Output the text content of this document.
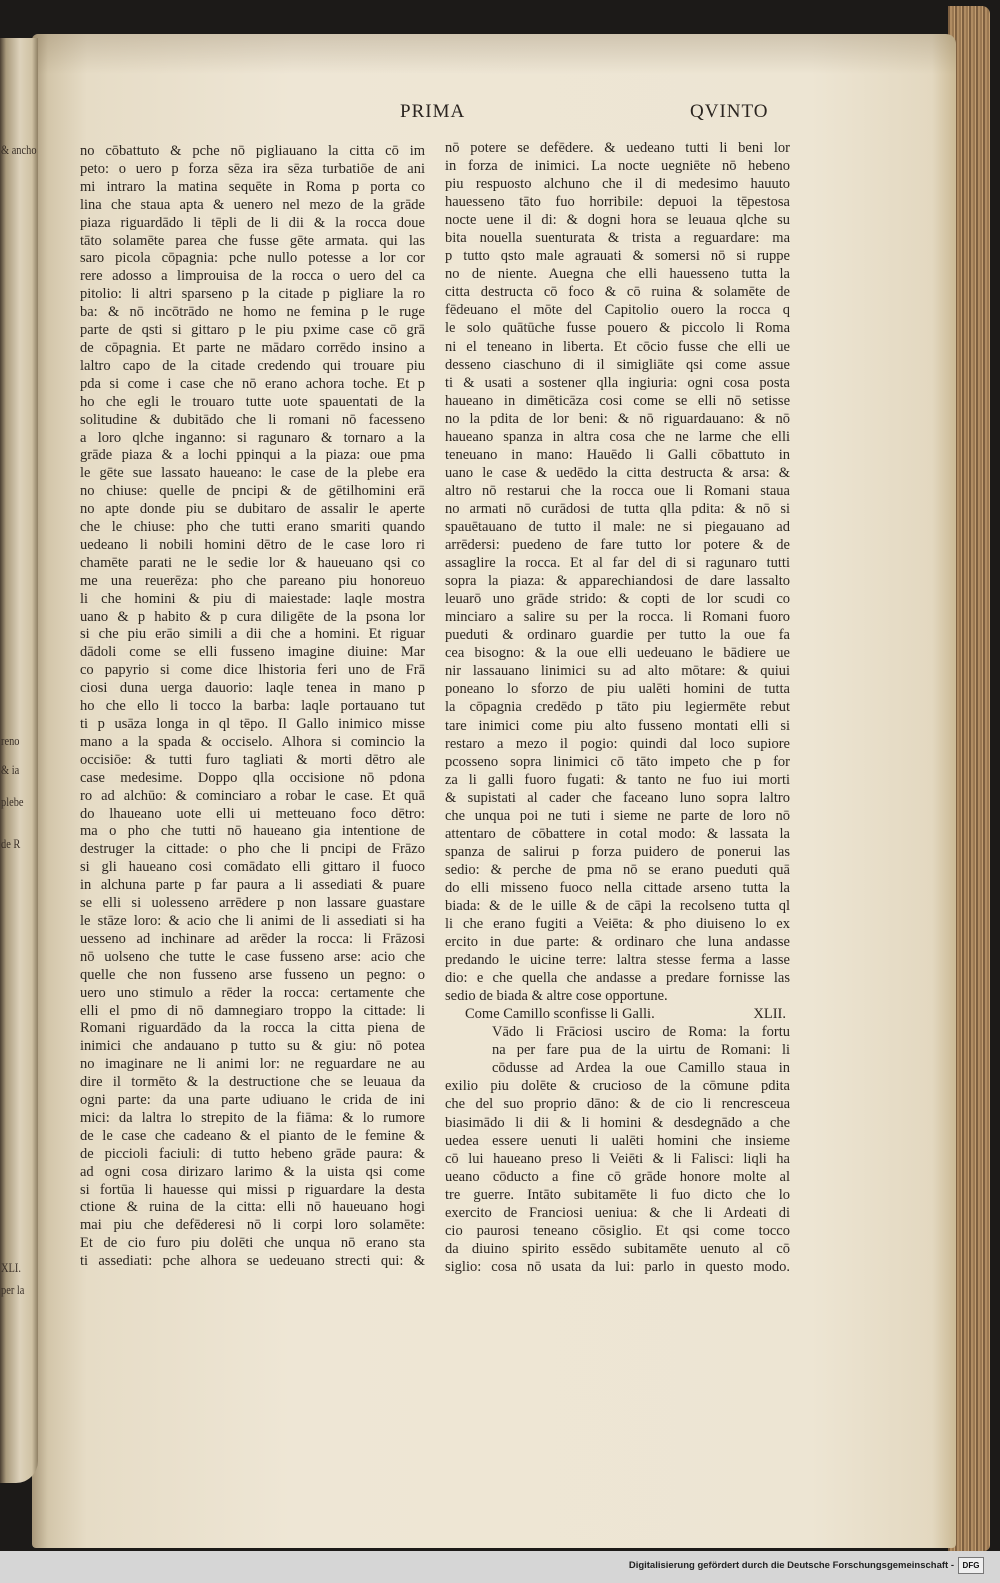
& ancho
reno
& ia
plebe
de R
XLI.
per la
PRIMA	QVINTO
no cōbattuto & pche nō pigliauano la citta cō im
peto: o uero p forza sēza ira sēza turbatiōe de ani
mi intraro la matina sequēte in Roma p porta co
lina che staua apta & uenero nel mezo de la grāde
piaza riguardādo li tēpli de li dii & la rocca doue
tāto solamēte parea che fusse gēte armata. qui las
saro picola cōpagnia: pche nullo potesse a lor cor
rere adosso a limprouisa de la rocca o uero del ca
pitolio: li altri sparseno p la citade p pigliare la ro
ba: & nō incōtrādo ne homo ne femina p le ruge
parte de qsti si gittaro p le piu pxime case cō grā
de cōpagnia. Et parte ne mādaro corrēdo insino a
laltro capo de la citade credendo qui trouare piu
pda si come i case che nō erano achora toche. Et p
ho che egli le trouaro tutte uote spauentati de la
solitudine & dubitādo che li romani nō facesseno
a loro qlche inganno: si ragunaro & tornaro a la
grāde piaza & a lochi ppinqui a la piaza: oue pma
le gēte sue lassato haueano: le case de la plebe era
no chiuse: quelle de pncipi & de gētilhomini erā
no apte donde piu se dubitaro de assalir le aperte
che le chiuse: pho che tutti erano smariti quando
uedeano li nobili homini dētro de le case loro ri
chamēte parati ne le sedie lor & haueuano qsi co
me una reuerēza: pho che pareano piu honoreuo
li che homini & piu di maiestade: laqle mostra
uano & p habito & p cura diligēte de la psona lor
si che piu erāo simili a dii che a homini. Et riguar
dādoli come se elli fusseno imagine diuine: Mar
co papyrio si come dice lhistoria feri uno de Frā
ciosi duna uerga dauorio: laqle tenea in mano p
ho che ello li tocco la barba: laqle portauano tut
ti p usāza longa in ql tēpo. Il Gallo inimico misse
mano a la spada & occiselo. Alhora si comincio la
occisiōe: & tutti furo tagliati & morti dētro ale
case medesime. Doppo qlla occisione nō pdona
ro ad alchūo: & cominciaro a robar le case. Et quā
do lhaueano uote elli ui metteuano foco dētro:
ma o pho che tutti nō haueano gia intentione de
destruger la cittade: o pho che li pncipi de Frāzo
si gli haueano cosi comādato elli gittaro il fuoco
in alchuna parte p far paura a li assediati & puare
se elli si uolesseno arrēdere p non lassare guastare
le stāze loro: & acio che li animi de li assediati si ha
uesseno ad inchinare ad arēder la rocca: li Frāzosi
nō uolseno che tutte le case fusseno arse: acio che
quelle che non fusseno arse fusseno un pegno: o
uero uno stimulo a rēder la rocca: certamente che
elli el pmo di nō damnegiaro troppo la cittade: li
Romani riguardādo da la rocca la citta piena de
inimici che andauano p tutto su & giu: nō potea
no imaginare ne li animi lor: ne reguardare ne au
dire il tormēto & la destructione che se leuaua da
ogni parte: da una parte udiuano le crida de ini
mici: da laltra lo strepito de la fiāma: & lo rumore
de le case che cadeano & el pianto de le femine &
de piccioli faciuli: di tutto hebeno grāde paura: &
ad ogni cosa dirizaro larimo & la uista qsi come
si fortūa li hauesse qui missi p riguardare la desta
ctione & ruina de la citta: elli nō haueuano hogi
mai piu che defēderesi nō li corpi loro solamēte:
Et de cio furo piu dolēti che unqua nō erano sta
ti assediati: pche alhora se uedeuano strecti qui: &
nō potere se defēdere. & uedeano tutti li beni lor
in forza de inimici. La nocte uegniēte nō hebeno
piu respuosto alchuno che il di medesimo hauuto
hauesseno tāto fuo horribile: depuoi la tēpestosa
nocte uene il di: & dogni hora se leuaua qlche su
bita nouella suenturata & trista a reguardare: ma
p tutto qsto male agrauati & somersi nō si ruppe
no de niente. Auegna che elli hauesseno tutta la
citta destructa cō foco & cō ruina & solamēte de
fēdeuano el mōte del Capitolio ouero la rocca q
le solo quātūche fusse pouero & piccolo li Roma
ni el teneano in liberta. Et cōcio fusse che elli ue
desseno ciaschuno di il simigliāte qsi come assue
ti & usati a sostener qlla ingiuria: ogni cosa posta
haueano in dimēticāza cosi come se elli nō setisse
no la pdita de lor beni: & nō riguardauano: & nō
haueano spanza in altra cosa che ne larme che elli
teneuano in mano: Hauēdo li Galli cōbattuto in
uano le case & uedēdo la citta destructa & arsa: &
altro nō restarui che la rocca oue li Romani staua
no armati nō curādosi de tutta qlla pdita: & nō si
spauētauano de tutto il male: ne si piegauano ad
arrēdersi: puedeno de fare tutto lor potere & de
assaglire la rocca. Et al far del di si ragunaro tutti
sopra la piaza: & apparechiandosi de dare lassalto
leuarō uno grāde strido: & copti de lor scudi co
minciaro a salire su per la rocca. li Romani fuoro
pueduti & ordinaro guardie per tutto la oue fa
cea bisogno: & la oue elli uedeuano le bādiere ue
nir lassauano linimici su ad alto mōtare: & quiui
poneano lo sforzo de piu ualēti homini de tutta
la cōpagnia credēdo p tāto piu legiermēte rebut
tare inimici come piu alto fusseno montati elli si
restaro a mezo il pogio: quindi dal loco supiore
pcosseno sopra linimici cō tāto impeto che p for
za li galli fuoro fugati: & tanto ne fuo iui morti
& supistati al cader che faceano luno sopra laltro
che unqua poi ne tuti i sieme ne parte de loro nō
attentaro de cōbattere in cotal modo: & lassata la
spanza de salirui p forza puidero de ponerui las
sedio: & perche de pma nō se erano pueduti quā
do elli misseno fuoco nella cittade arseno tutta la
biada: & de le uille & de cāpi la recolseno tutta ql
li che erano fugiti a Veiēta: & pho diuiseno lo ex
ercito in due parte: & ordinaro che luna andasse
predando le uicine terre: laltra stesse ferma a lasse
dio: e che quella che andasse a predare fornisse las
sedio de biada & altre cose opportune.
Come Camillo sconfisse li Galli.	XLII.
Vādo li Frāciosi usciro de Roma: la fortu
na per fare pua de la uirtu de Romani: li
cōdusse ad Ardea la oue Camillo staua in
exilio piu dolēte & crucioso de la cōmune pdita
che del suo proprio dāno: & de cio li rencresceua
biasimādo li dii & li homini & desdegnādo a che
uedea essere uenuti li ualēti homini che insieme
cō lui haueano preso li Veiēti & li Falisci: liqli ha
ueano cōducto a fine cō grāde honore molte al
tre guerre. Intāto subitamēte li fuo dicto che lo
exercito de Franciosi ueniua: & che li Ardeati di
cio paurosi teneano cōsiglio. Et qsi come tocco
da diuino spirito essēdo subitamēte uenuto al cō
siglio: cosa nō usata da lui: parlo in questo modo.
Digitalisierung gefördert durch die Deutsche Forschungsgemeinschaft -	DFG
